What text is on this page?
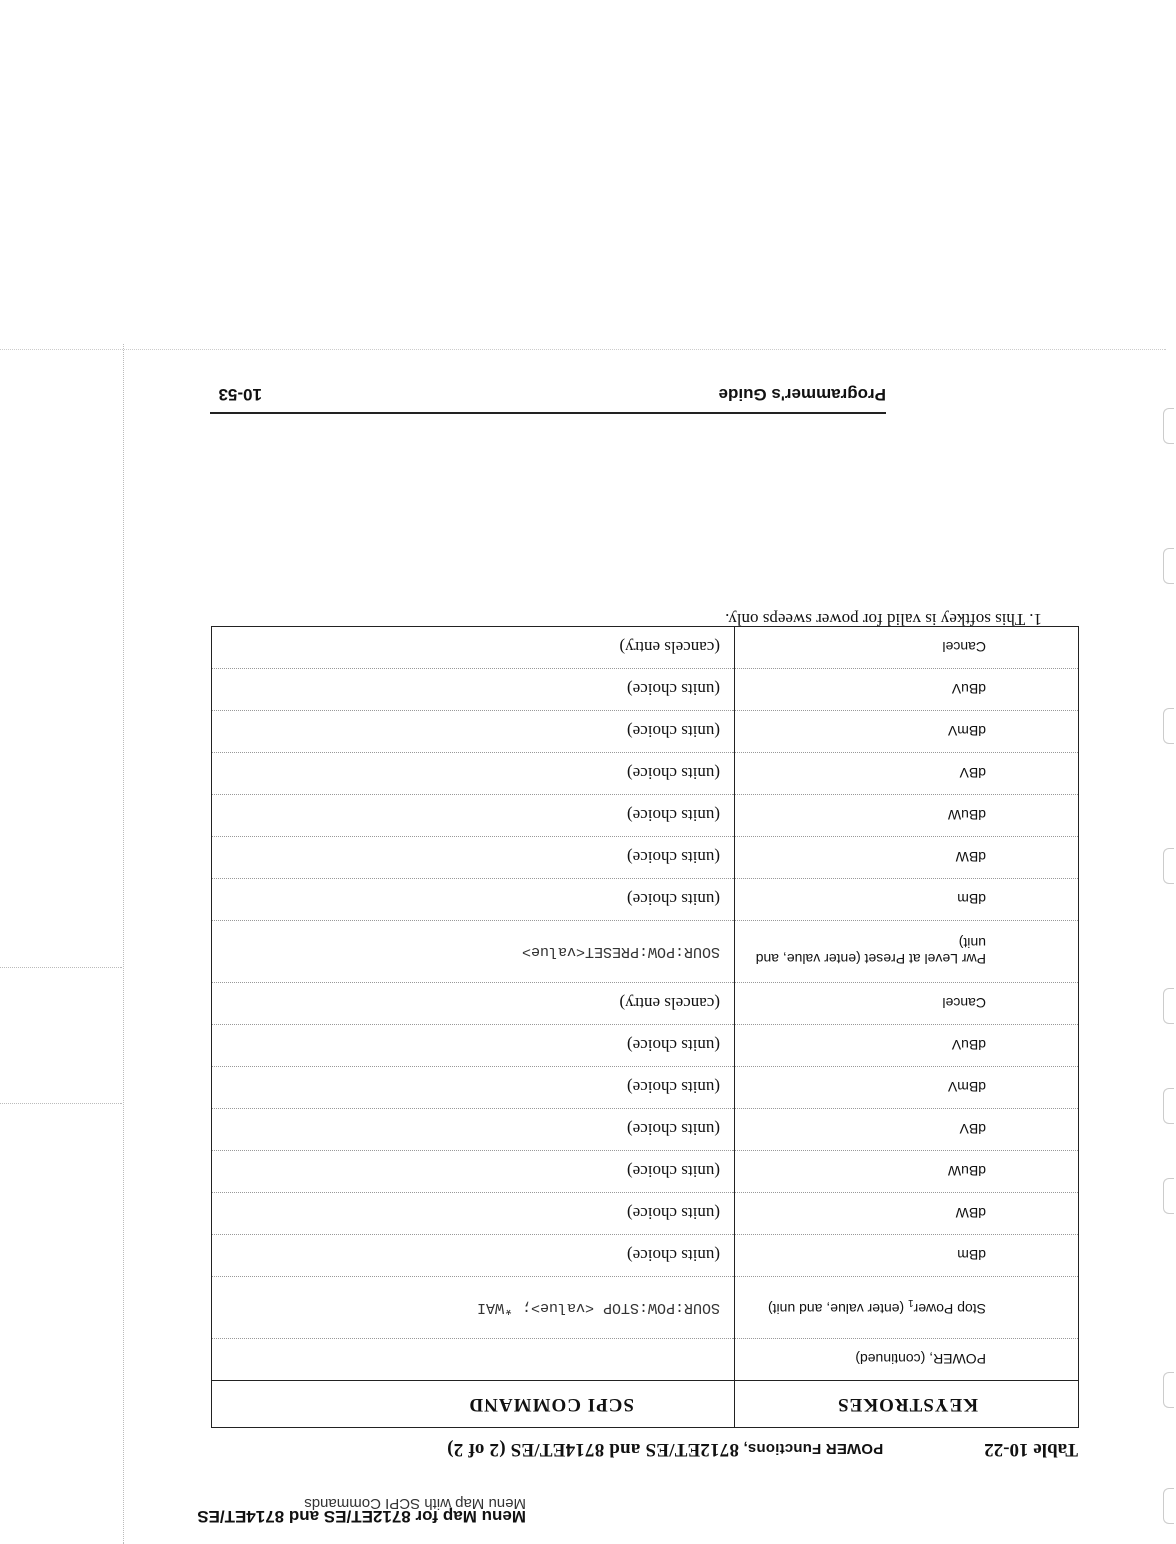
Menu Map for 8712ET/ES and 8714ET/ES
Menu Map with SCPI Commands
Table 10-22 POWER Functions, 8712ET/ES and 8714ET/ES (2 of 2)
KEYSTROKES	SCPI COMMAND
POWER, (continued)	
Stop Power$_1$ (enter value, and unit)	SOUR:POW:STOP <value>; *WAI
dBm	(units choice)
dBW	(units choice)
dBuW	(units choice)
dBV	(units choice)
dBmV	(units choice)
dBuV	(units choice)
Cancel	(cancels entry)
Pwr Level at Preset (enter value, and unit)	SOUR:POW:PRESET<value>
dBm	(units choice)
dBW	(units choice)
dBuW	(units choice)
dBV	(units choice)
dBmV	(units choice)
dBuV	(units choice)
Cancel	(cancels entry)
1. This softkey is valid for power sweeps only.
Programmer's Guide
10-53
